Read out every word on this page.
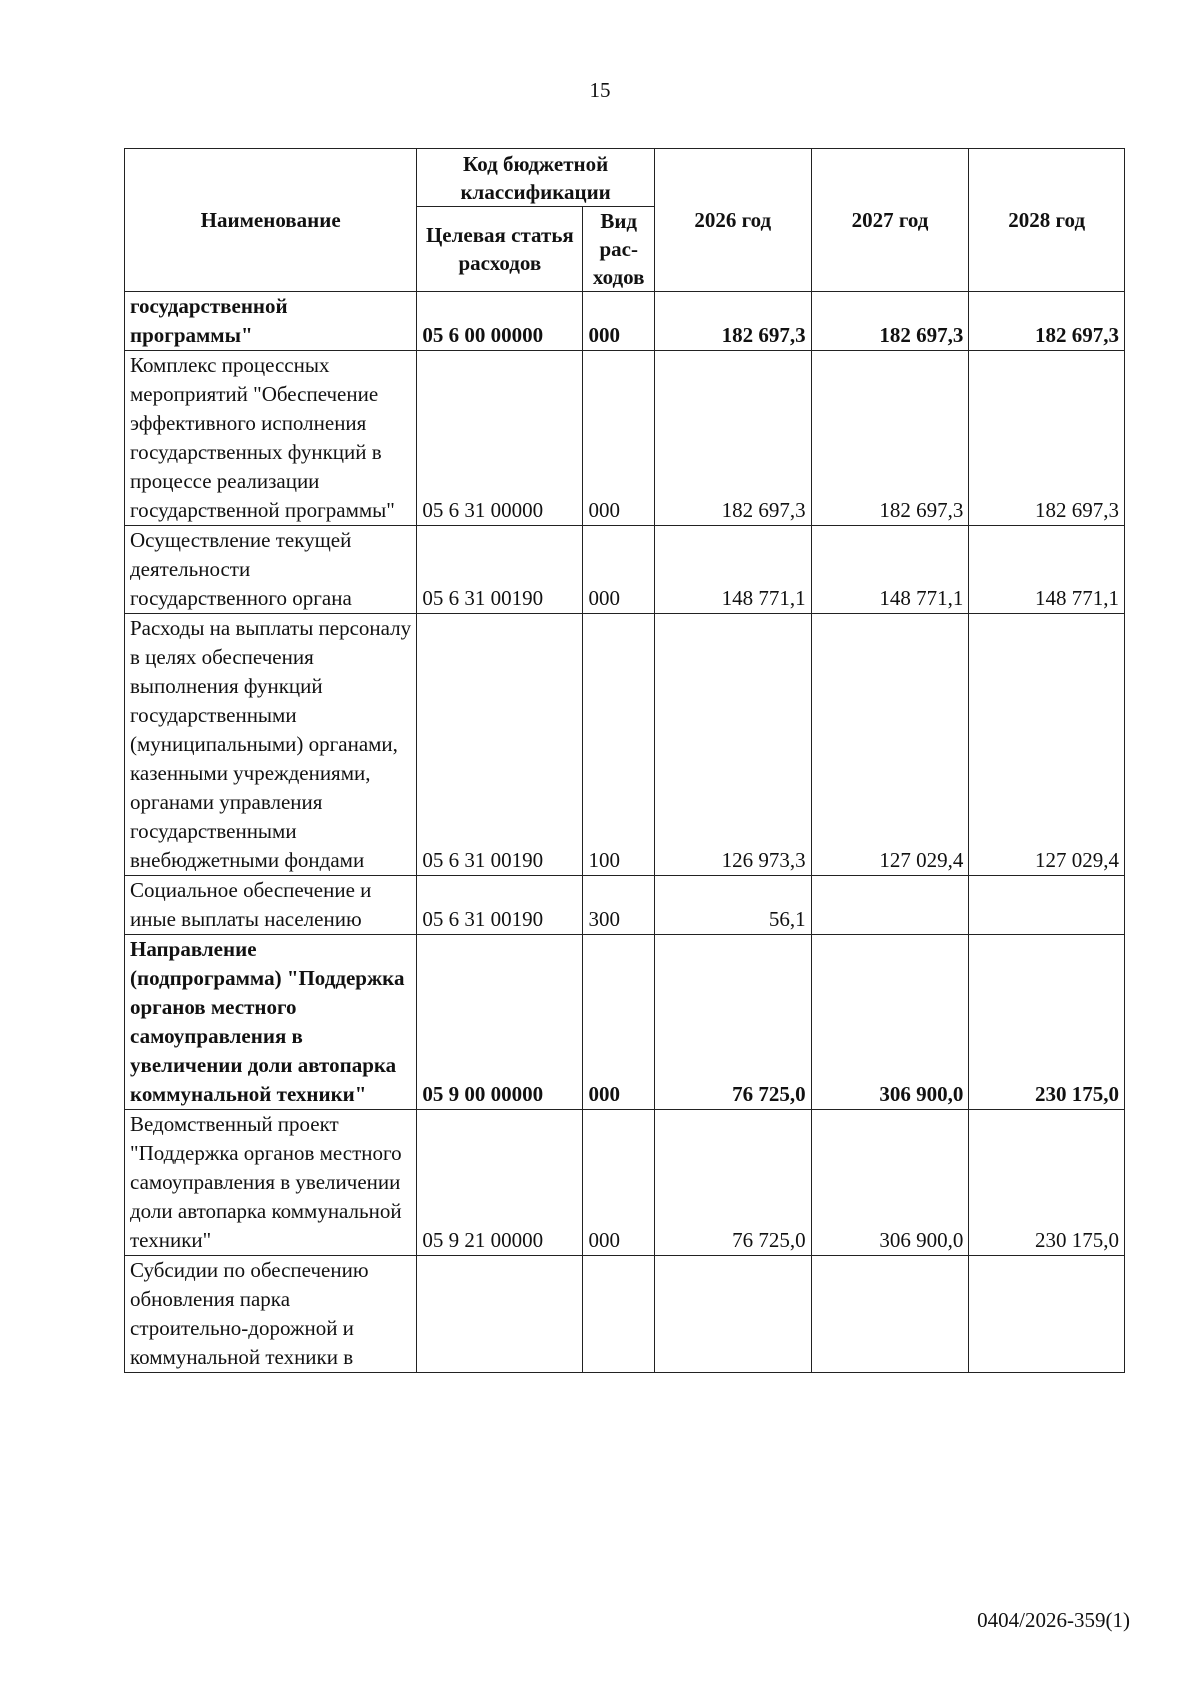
15
Наименование	Код бюджетной классификации		2026 год	2027 год	2028 год
	Целевая статья расходов	Вид рас-ходов			
государственной программы"	05 6 00 00000	000	182 697,3	182 697,3	182 697,3
Комплекс процессных мероприятий "Обеспечение эффективного исполнения государственных функций в процессе реализации государственной программы"	05 6 31 00000	000	182 697,3	182 697,3	182 697,3
Осуществление текущей деятельности государственного органа	05 6 31 00190	000	148 771,1	148 771,1	148 771,1
Расходы на выплаты персоналу в целях обеспечения выполнения функций государственными (муниципальными) органами, казенными учреждениями, органами управления государственными внебюджетными фондами	05 6 31 00190	100	126 973,3	127 029,4	127 029,4
Социальное обеспечение и иные выплаты населению	05 6 31 00190	300	56,1		
Направление (подпрограмма) "Поддержка органов местного самоуправления в увеличении доли автопарка коммунальной техники"	05 9 00 00000	000	76 725,0	306 900,0	230 175,0
Ведомственный проект "Поддержка органов местного самоуправления в увеличении доли автопарка коммунальной техники"	05 9 21 00000	000	76 725,0	306 900,0	230 175,0
Субсидии по обеспечению обновления парка строительно-дорожной и коммунальной техники в					
0404/2026-359(1)
